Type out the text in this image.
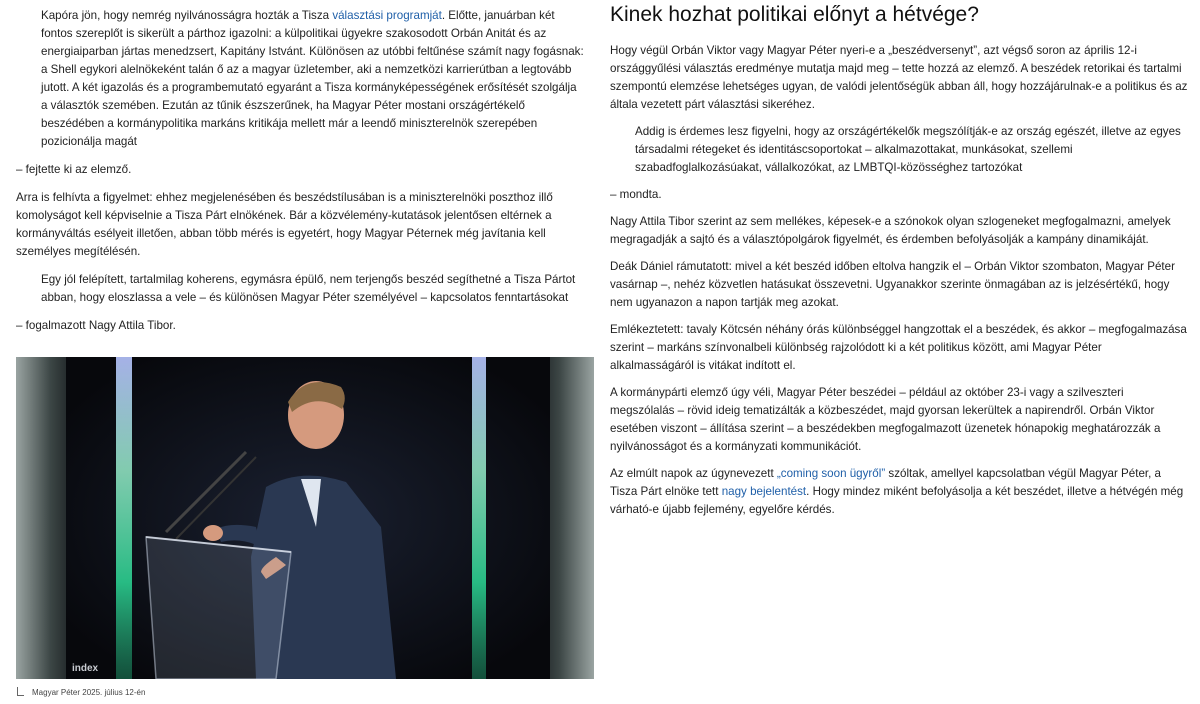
Kapóra jön, hogy nemrég nyilvánosságra hozták a Tisza választási programját. Előtte, januárban két fontos szereplőt is sikerült a párthoz igazolni: a külpolitikai ügyekre szakosodott Orbán Anitát és az energiaiparban jártas menedzsert, Kapitány Istvánt. Különösen az utóbbi feltűnése számít nagy fogásnak: a Shell egykori alelnökeként talán ő az a magyar üzletember, aki a nemzetközi karrierútban a legtovább jutott. A két igazolás és a programbemutató egyaránt a Tisza kormányképességének erősítését szolgálja a választók szemében. Ezután az tűnik észszerűnek, ha Magyar Péter mostani országértékelő beszédében a kormánypolitika markáns kritikája mellett már a leendő miniszterelnök szerepében pozicionálja magát

– fejtette ki az elemző.

Arra is felhívta a figyelmet: ehhez megjelenésében és beszédstílusában is a miniszterelnöki poszthoz illő komolyságot kell képviselnie a Tisza Párt elnökének. Bár a közvélemény-kutatások jelentősen eltérnek a kormányváltás esélyeit illetően, abban több mérés is egyetért, hogy Magyar Péternek még javítania kell személyes megítélésén.

Egy jól felépített, tartalmilag koherens, egymásra épülő, nem terjengős beszéd segíthetné a Tisza Pártot abban, hogy eloszlassa a vele – és különösen Magyar Péter személyével – kapcsolatos fenntartásokat

– fogalmazott Nagy Attila Tibor.

index
Magyar Péter 2025. július 12-én
Kinek hozhat politikai előnyt a hétvége?

Hogy végül Orbán Viktor vagy Magyar Péter nyeri-e a „beszédversenyt”, azt végső soron az április 12-i országgyűlési választás eredménye mutatja majd meg – tette hozzá az elemző. A beszédek retorikai és tartalmi szempontú elemzése lehetséges ugyan, de valódi jelentőségük abban áll, hogy hozzájárulnak-e a politikus és az általa vezetett párt választási sikeréhez.

Addig is érdemes lesz figyelni, hogy az országértékelők megszólítják-e az ország egészét, illetve az egyes társadalmi rétegeket és identitáscsoportokat – alkalmazottakat, munkásokat, szellemi szabadfoglalkozásúakat, vállalkozókat, az LMBTQI-közösséghez tartozókat

– mondta.

Nagy Attila Tibor szerint az sem mellékes, képesek-e a szónokok olyan szlogeneket megfogalmazni, amelyek megragadják a sajtó és a választópolgárok figyelmét, és érdemben befolyásolják a kampány dinamikáját.

Deák Dániel rámutatott: mivel a két beszéd időben eltolva hangzik el – Orbán Viktor szombaton, Magyar Péter vasárnap –, nehéz közvetlen hatásukat összevetni. Ugyanakkor szerinte önmagában az is jelzésértékű, hogy nem ugyanazon a napon tartják meg azokat.

Emlékeztetett: tavaly Kötcsén néhány órás különbséggel hangzottak el a beszédek, és akkor – megfogalmazása szerint – markáns színvonalbeli különbség rajzolódott ki a két politikus között, ami Magyar Péter alkalmasságáról is vitákat indított el.

A kormánypárti elemző úgy véli, Magyar Péter beszédei – például az október 23-i vagy a szilveszteri megszólalás – rövid ideig tematizálták a közbeszédet, majd gyorsan lekerültek a napirendről. Orbán Viktor esetében viszont – állítása szerint – a beszédekben megfogalmazott üzenetek hónapokig meghatározzák a nyilvánosságot és a kormányzati kommunikációt.

Az elmúlt napok az úgynevezett „coming soon ügyről” szóltak, amellyel kapcsolatban végül Magyar Péter, a Tisza Párt elnöke tett nagy bejelentést. Hogy mindez miként befolyásolja a két beszédet, illetve a hétvégén még várható-e újabb fejlemény, egyelőre kérdés.
